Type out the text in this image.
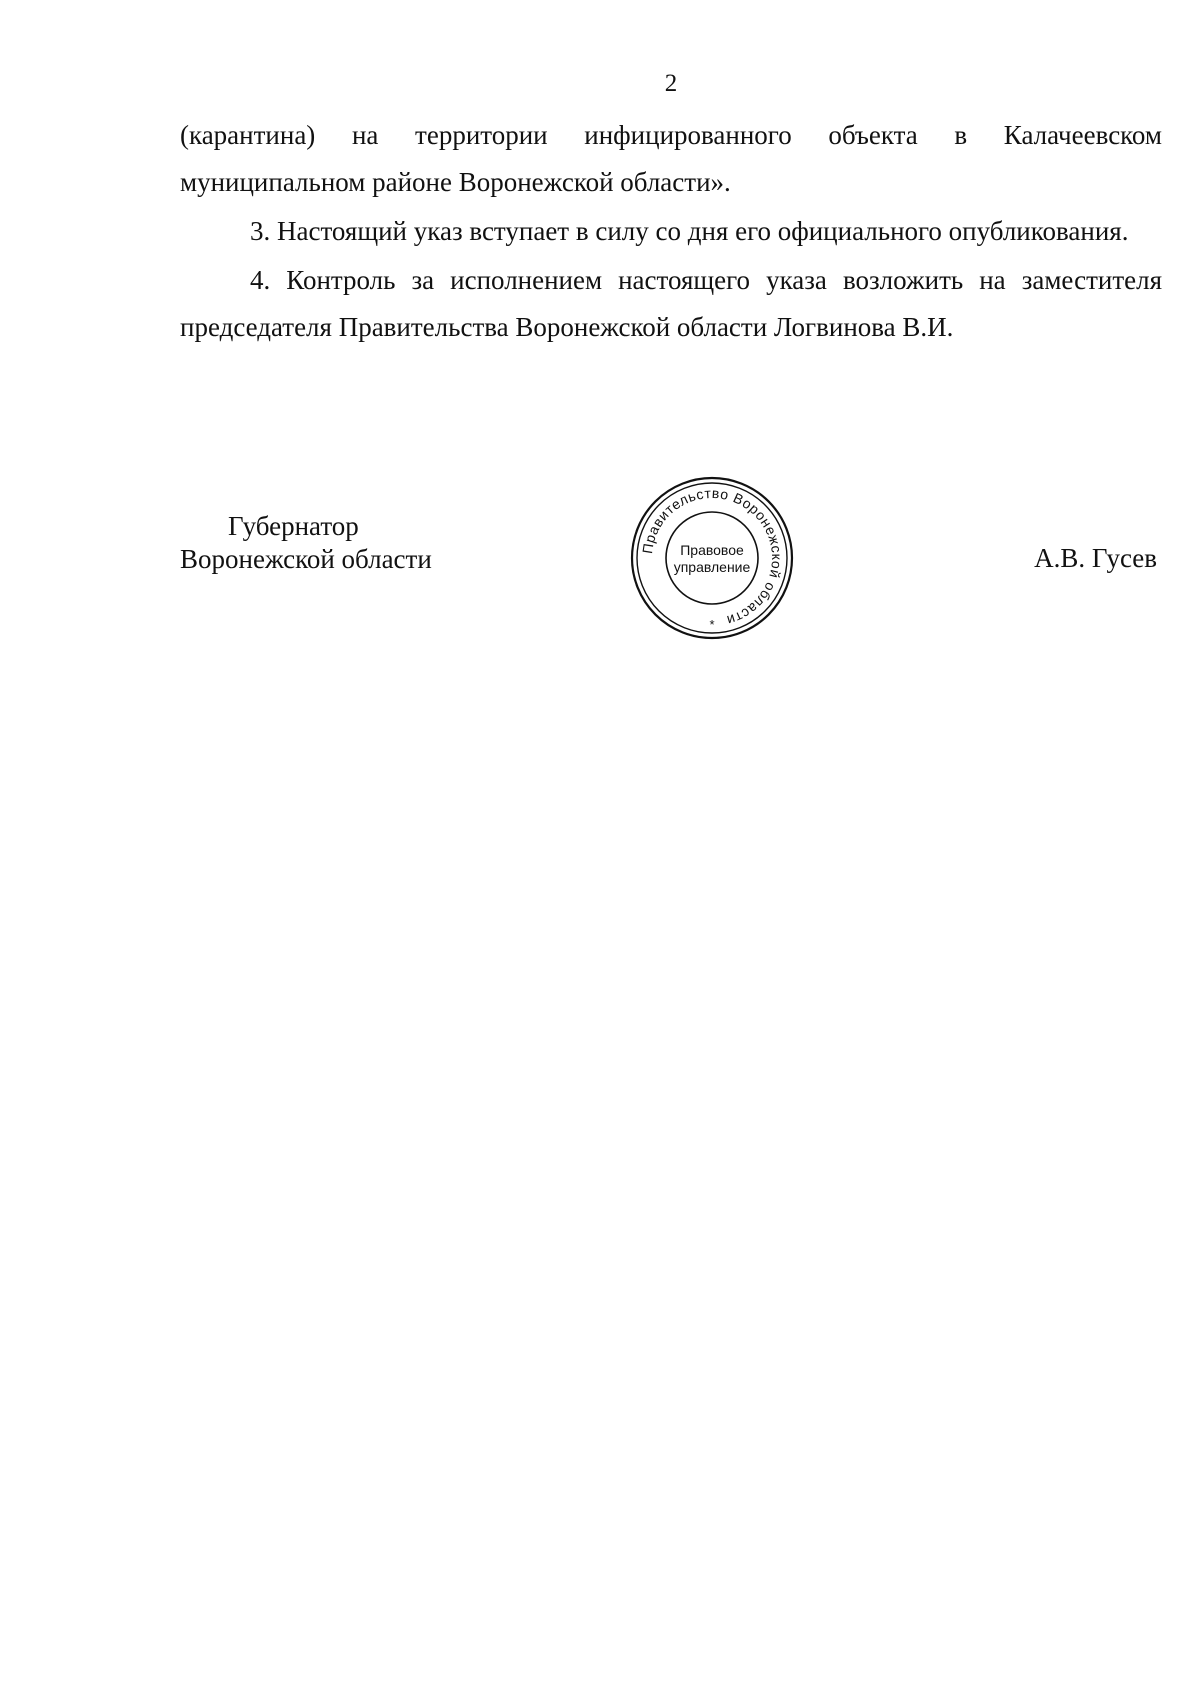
2

(карантина) на территории инфицированного объекта в Калачеевском муниципальном районе Воронежской области».

3. Настоящий указ вступает в силу со дня его официального опубликования.

4. Контроль за исполнением настоящего указа возложить на заместителя председателя Правительства Воронежской области Логвинова В.И.

Губернатор
Воронежской области	Правительство Воронежской области
Правовое
управление
*
А.В. Гусев
